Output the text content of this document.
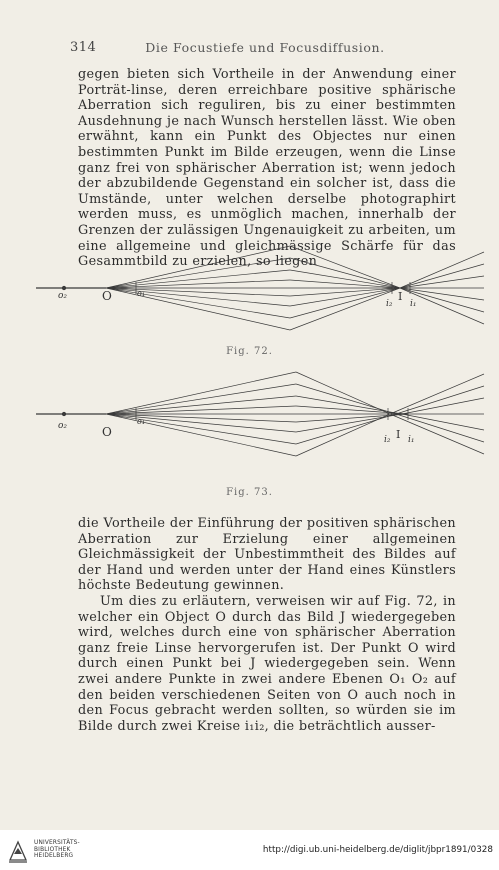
314	Die Focustiefe und Focusdiffusion.

gegen bieten sich Vortheile in der Anwendung einer Porträt-linse, deren erreichbare positive sphärische Aberration sich reguliren, bis zu einer bestimmten Ausdehnung je nach Wunsch herstellen lässt. Wie oben erwähnt, kann ein Punkt des Objectes nur einen bestimmten Punkt im Bilde erzeugen, wenn die Linse ganz frei von sphärischer Aberration ist; wenn jedoch der abzubildende Gegenstand ein solcher ist, dass die Umstände, unter welchen derselbe photographirt werden muss, es unmöglich machen, innerhalb der Grenzen der zulässigen Ungenauigkeit zu arbeiten, um eine allgemeine und gleichmässige Schärfe für das Gesammtbild zu erzielen, so liegen

o₂	O	o₁
i₂
I
i₁
Fig. 72.
o₂	O
o₁
i₂ I i₁
Fig. 73.

die Vortheile der Einführung der positiven sphärischen Aberration zur Erzielung einer allgemeinen Gleichmässigkeit der Unbestimmtheit des Bildes auf der Hand und werden unter der Hand eines Künstlers höchste Bedeutung gewinnen.

Um dies zu erläutern, verweisen wir auf Fig. 72, in welcher ein Object O durch das Bild J wiedergegeben wird, welches durch eine von sphärischer Aberration ganz freie Linse hervorgerufen ist. Der Punkt O wird durch einen Punkt bei J wiedergegeben sein. Wenn zwei andere Punkte in zwei andere Ebenen O₁ O₂ auf den beiden verschiedenen Seiten von O auch noch in den Focus gebracht werden sollten, so würden sie im Bilde durch zwei Kreise i₁i₂, die beträchtlich ausser-

UNIVERSITÄTS-
BIBLIOTHEK
HEIDELBERG
http://digi.ub.uni-heidelberg.de/diglit/jbpr1891/0328
